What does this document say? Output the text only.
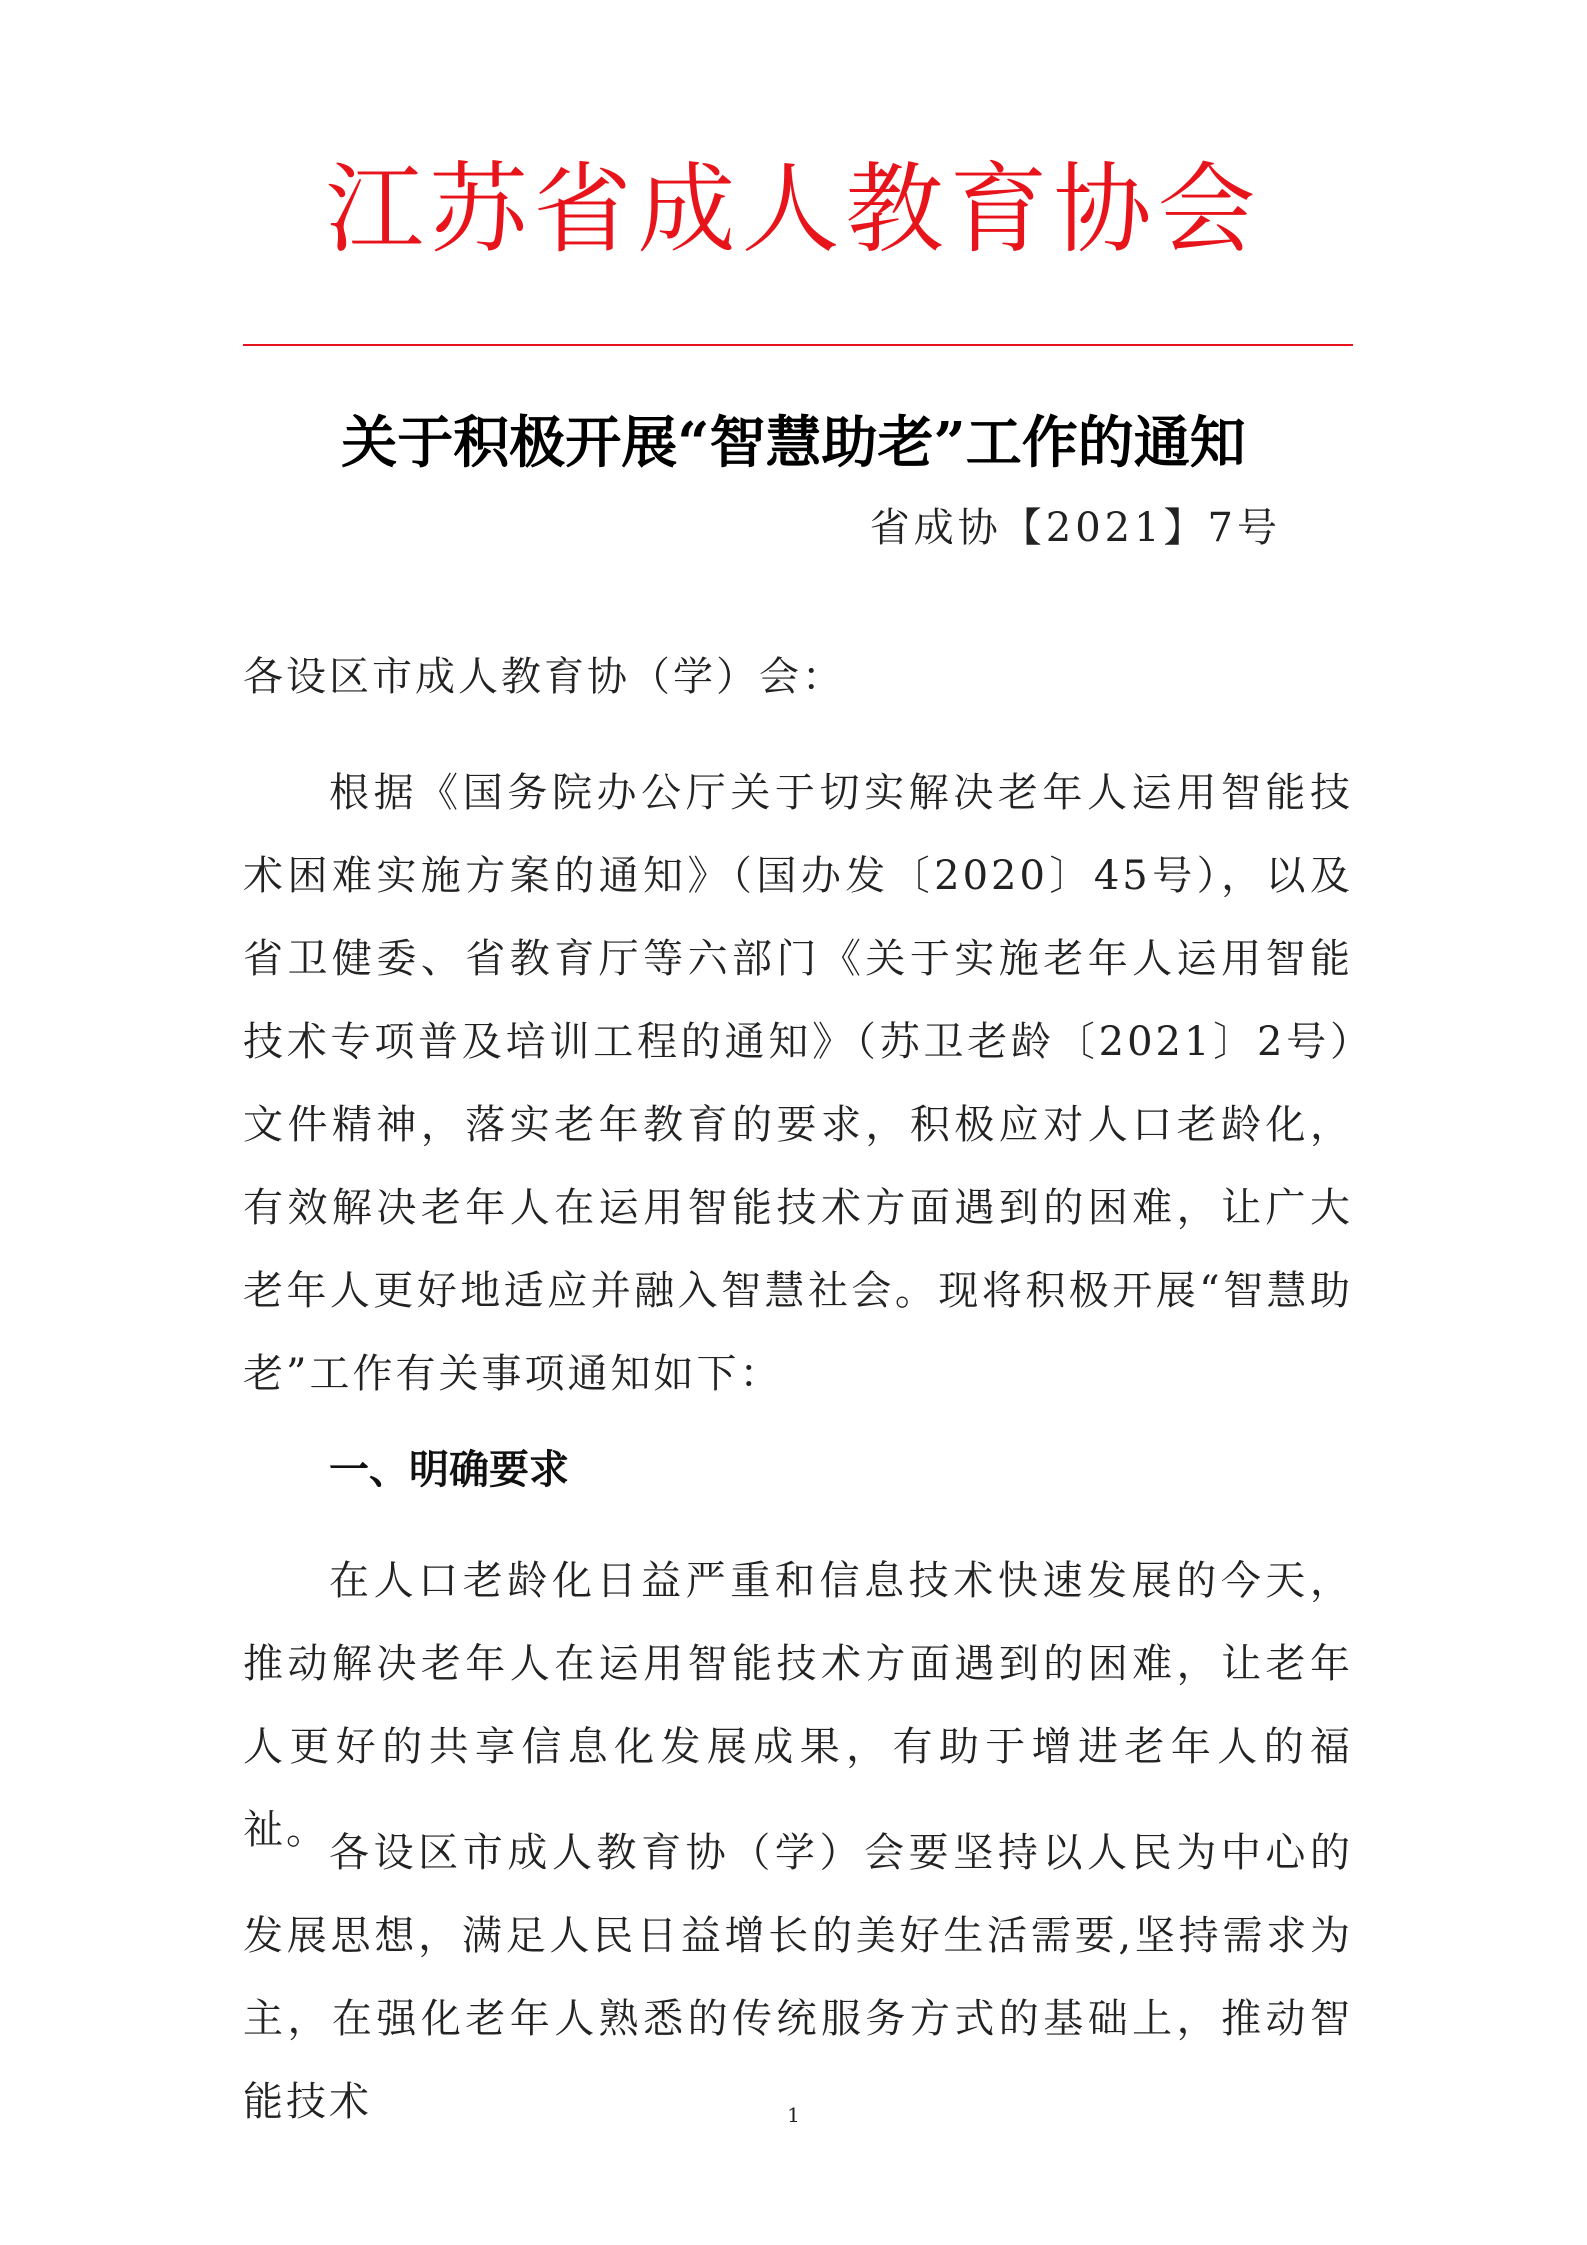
江苏省成人教育协会
关于积极开展“智慧助老”工作的通知
省成协【2021】7号

各设区市成人教育协（学）会：

根据《国务院办公厅关于切实解决老年人运用智能技术困难实施方案的通知》（国办发〔2020〕45号），以及省卫健委、省教育厅等六部门《关于实施老年人运用智能技术专项普及培训工程的通知》（苏卫老龄〔2021〕2号）文件精神，落实老年教育的要求，积极应对人口老龄化，有效解决老年人在运用智能技术方面遇到的困难，让广大老年人更好地适应并融入智慧社会。现将积极开展“智慧助老”工作有关事项通知如下：

一、明确要求

在人口老龄化日益严重和信息技术快速发展的今天，推动解决老年人在运用智能技术方面遇到的困难，让老年人更好的共享信息化发展成果，有助于增进老年人的福祉。 各设区市成人教育协（学）会要坚持以人民为中心的发展思想，满足人民日益增长的美好生活需要,坚持需求为主，在强化老年人熟悉的传统服务方式的基础上，推动智能技术	1
